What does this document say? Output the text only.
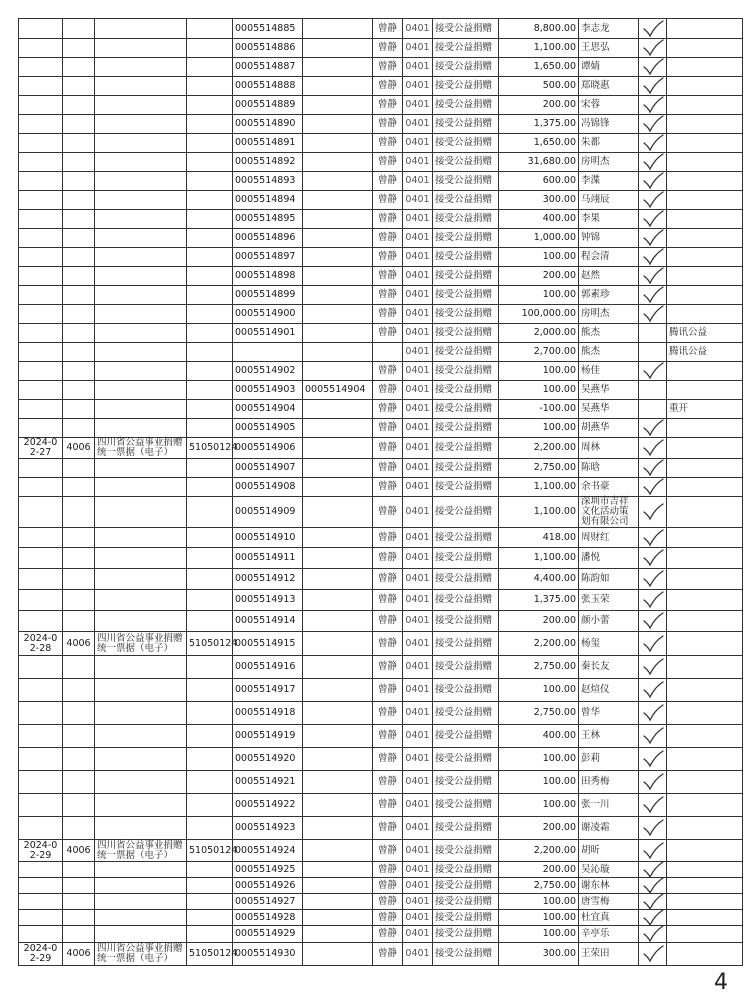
				0005514885		曾静	0401	接受公益捐赠	8,800.00	李志龙	

				0005514886		曾静	0401	接受公益捐赠	1,100.00	王思弘	

				0005514887		曾静	0401	接受公益捐赠	1,650.00	谭婧	

				0005514888		曾静	0401	接受公益捐赠	500.00	郑晓惠	

				0005514889		曾静	0401	接受公益捐赠	200.00	宋蓉	

				0005514890		曾静	0401	接受公益捐赠	1,375.00	冯锦锋	

				0005514891		曾静	0401	接受公益捐赠	1,650.00	朱都	

				0005514892		曾静	0401	接受公益捐赠	31,680.00	房明杰	

				0005514893		曾静	0401	接受公益捐赠	600.00	李渫	

				0005514894		曾静	0401	接受公益捐赠	300.00	马翊辰	

				0005514895		曾静	0401	接受公益捐赠	400.00	李果	

				0005514896		曾静	0401	接受公益捐赠	1,000.00	钟锦	

				0005514897		曾静	0401	接受公益捐赠	100.00	程会清	

				0005514898		曾静	0401	接受公益捐赠	200.00	赵然	

				0005514899		曾静	0401	接受公益捐赠	100.00	郭素珍	

				0005514900		曾静	0401	接受公益捐赠	100,000.00	房明杰	

				0005514901		曾静	0401	接受公益捐赠	2,000.00	熊杰		腾讯公益
							0401	接受公益捐赠	2,700.00	熊杰		腾讯公益
				0005514902		曾静	0401	接受公益捐赠	100.00	杨佳	

				0005514903	0005514904	曾静	0401	接受公益捐赠	100.00	吴燕华		
				0005514904		曾静	0401	接受公益捐赠	-100.00	吴燕华		重开
				0005514905		曾静	0401	接受公益捐赠	100.00	胡燕华	

2024-02-27	4006	四川省公益事业捐赠统一票据（电子）	51050124	0005514906		曾静	0401	接受公益捐赠	2,200.00	周林	

				0005514907		曾静	0401	接受公益捐赠	2,750.00	陈晗	

				0005514908		曾静	0401	接受公益捐赠	1,100.00	余书豪	

				0005514909		曾静	0401	接受公益捐赠	1,100.00	深圳市吉祥文化活动策划有限公司	

				0005514910		曾静	0401	接受公益捐赠	418.00	周财红	

				0005514911		曾静	0401	接受公益捐赠	1,100.00	潘悦	

				0005514912		曾静	0401	接受公益捐赠	4,400.00	陈韵如	

				0005514913		曾静	0401	接受公益捐赠	1,375.00	张玉荣	

				0005514914		曾静	0401	接受公益捐赠	200.00	颜小蕾	

2024-02-28	4006	四川省公益事业捐赠统一票据（电子）	51050124	0005514915		曾静	0401	接受公益捐赠	2,200.00	杨玺	

				0005514916		曾静	0401	接受公益捐赠	2,750.00	秦长友	

				0005514917		曾静	0401	接受公益捐赠	100.00	赵煊仪	

				0005514918		曾静	0401	接受公益捐赠	2,750.00	曾华	

				0005514919		曾静	0401	接受公益捐赠	400.00	王林	

				0005514920		曾静	0401	接受公益捐赠	100.00	彭莉	

				0005514921		曾静	0401	接受公益捐赠	100.00	田秀梅	

				0005514922		曾静	0401	接受公益捐赠	100.00	张一川	

				0005514923		曾静	0401	接受公益捐赠	200.00	谢凌霜	

2024-02-29	4006	四川省公益事业捐赠统一票据（电子）	51050124	0005514924		曾静	0401	接受公益捐赠	2,200.00	胡昕	

				0005514925		曾静	0401	接受公益捐赠	200.00	吴沁璇	

				0005514926		曾静	0401	接受公益捐赠	2,750.00	谢东林	

				0005514927		曾静	0401	接受公益捐赠	100.00	唐雪梅	

				0005514928		曾静	0401	接受公益捐赠	100.00	杜宜真	

				0005514929		曾静	0401	接受公益捐赠	100.00	辛亭乐	

2024-02-29	4006	四川省公益事业捐赠统一票据（电子）	51050124	0005514930		曾静	0401	接受公益捐赠	300.00	王荣田	

4
